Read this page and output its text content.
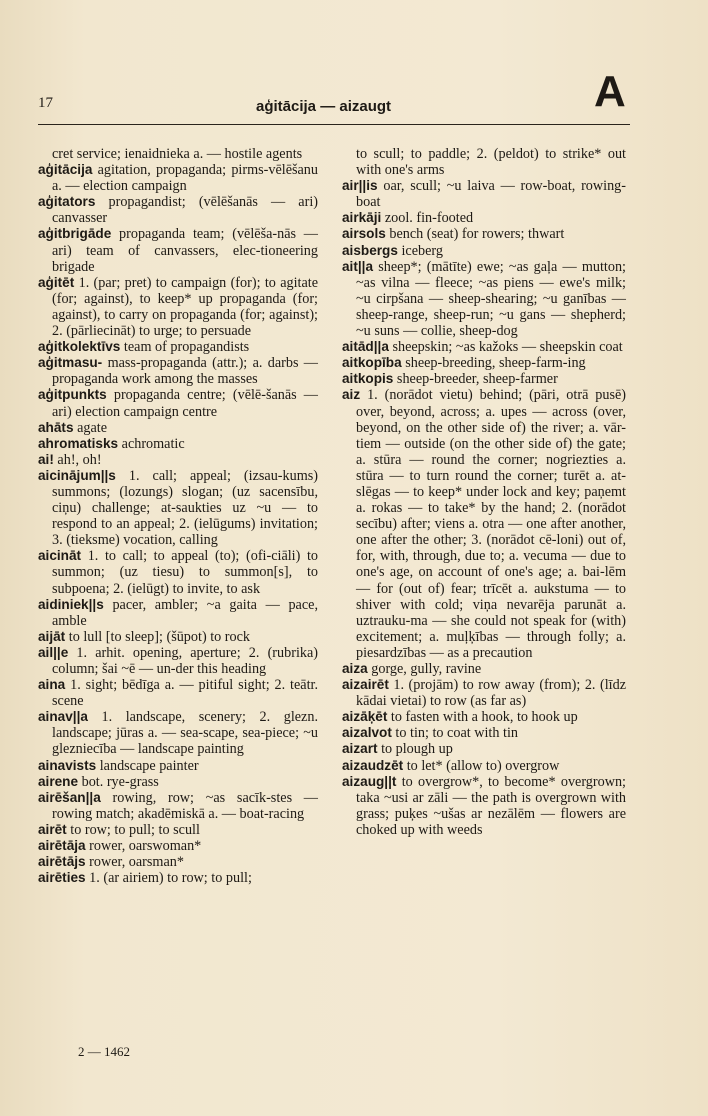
17	aģitācija — aizaugt	A

cret service; ienaidnieka a. — hostile agents

aģitācija agitation, propaganda; pirms-vēlēšanu a. — election campaign

aģitators propagandist; (vēlēšanās — ari) canvasser

aģitbrigāde propaganda team; (vēlēša-nās — ari) team of canvassers, elec-tioneering brigade

aģitēt 1. (par; pret) to campaign (for); to agitate (for; against), to keep* up propaganda (for; against), to carry on propaganda (for; against); 2. (pārliecināt) to urge; to persuade

aģitkolektīvs team of propagandists

aģitmasu- mass-propaganda (attr.); a. darbs — propaganda work among the masses

aģitpunkts propaganda centre; (vēlē-šanās — ari) election campaign centre

ahāts agate

ahromatisks achromatic

ai! ah!, oh!

aicinājum||s 1. call; appeal; (izsau-kums) summons; (lozungs) slogan; (uz sacensību, ciņu) challenge; at-saukties uz ~u — to respond to an appeal; 2. (ielūgums) invitation; 3. (tieksme) vocation, calling

aicināt 1. to call; to appeal (to); (ofi-ciāli) to summon; (uz tiesu) to summon[s], to subpoena; 2. (ielūgt) to invite, to ask

aidiniek||s pacer, ambler; ~a gaita — pace, amble

aijāt to lull [to sleep]; (šūpot) to rock

ail||e 1. arhit. opening, aperture; 2. (rubrika) column; šai ~ē — un-der this heading

aina 1. sight; bēdīga a. — pitiful sight; 2. teātr. scene

ainav||a 1. landscape, scenery; 2. glezn. landscape; jūras a. — sea-scape, sea-piece; ~u glezniecība — landscape painting

ainavists landscape painter

airene bot. rye-grass

airēšan||a rowing, row; ~as sacīk-stes — rowing match; akadēmiskā a. — boat-racing

airēt to row; to pull; to scull

airētāja rower, oarswoman*

airētājs rower, oarsman*

airēties 1. (ar airiem) to row; to pull;

to scull; to paddle; 2. (peldot) to strike* out with one's arms

air||is oar, scull; ~u laiva — row-boat, rowing-boat

airkāji zool. fin-footed

airsols bench (seat) for rowers; thwart

aisbergs iceberg

ait||a sheep*; (mātīte) ewe; ~as gaļa — mutton; ~as vilna — fleece; ~as piens — ewe's milk; ~u cirpšana — sheep-shearing; ~u ganības — sheep-range, sheep-run; ~u gans — shepherd; ~u suns — collie, sheep-dog

aitād||a sheepskin; ~as kažoks — sheepskin coat

aitkopība sheep-breeding, sheep-farm-ing

aitkopis sheep-breeder, sheep-farmer

aiz 1. (norādot vietu) behind; (pāri, otrā pusē) over, beyond, across; a. upes — across (over, beyond, on the other side of) the river; a. vār-tiem — outside (on the other side of) the gate; a. stūra — round the corner; nogriezties a. stūra — to turn round the corner; turēt a. at-slēgas — to keep* under lock and key; paņemt a. rokas — to take* by the hand; 2. (norādot secību) after; viens a. otra — one after another, one after the other; 3. (norādot cē-loni) out of, for, with, through, due to; a. vecuma — due to one's age, on account of one's age; a. bai-lēm — for (out of) fear; trīcēt a. aukstuma — to shiver with cold; viņa nevarēja parunāt a. uztrauku-ma — she could not speak for (with) excitement; a. muļķības — through folly; a. piesardzības — as a precaution

aiza gorge, gully, ravine

aizairēt 1. (projām) to row away (from); 2. (līdz kādai vietai) to row (as far as)

aizāķēt to fasten with a hook, to hook up

aizalvot to tin; to coat with tin

aizart to plough up

aizaudzēt to let* (allow to) overgrow

aizaug||t to overgrow*, to become* overgrown; taka ~usi ar zāli — the path is overgrown with grass; puķes ~ušas ar nezālēm — flowers are choked up with weeds

2 — 1462
